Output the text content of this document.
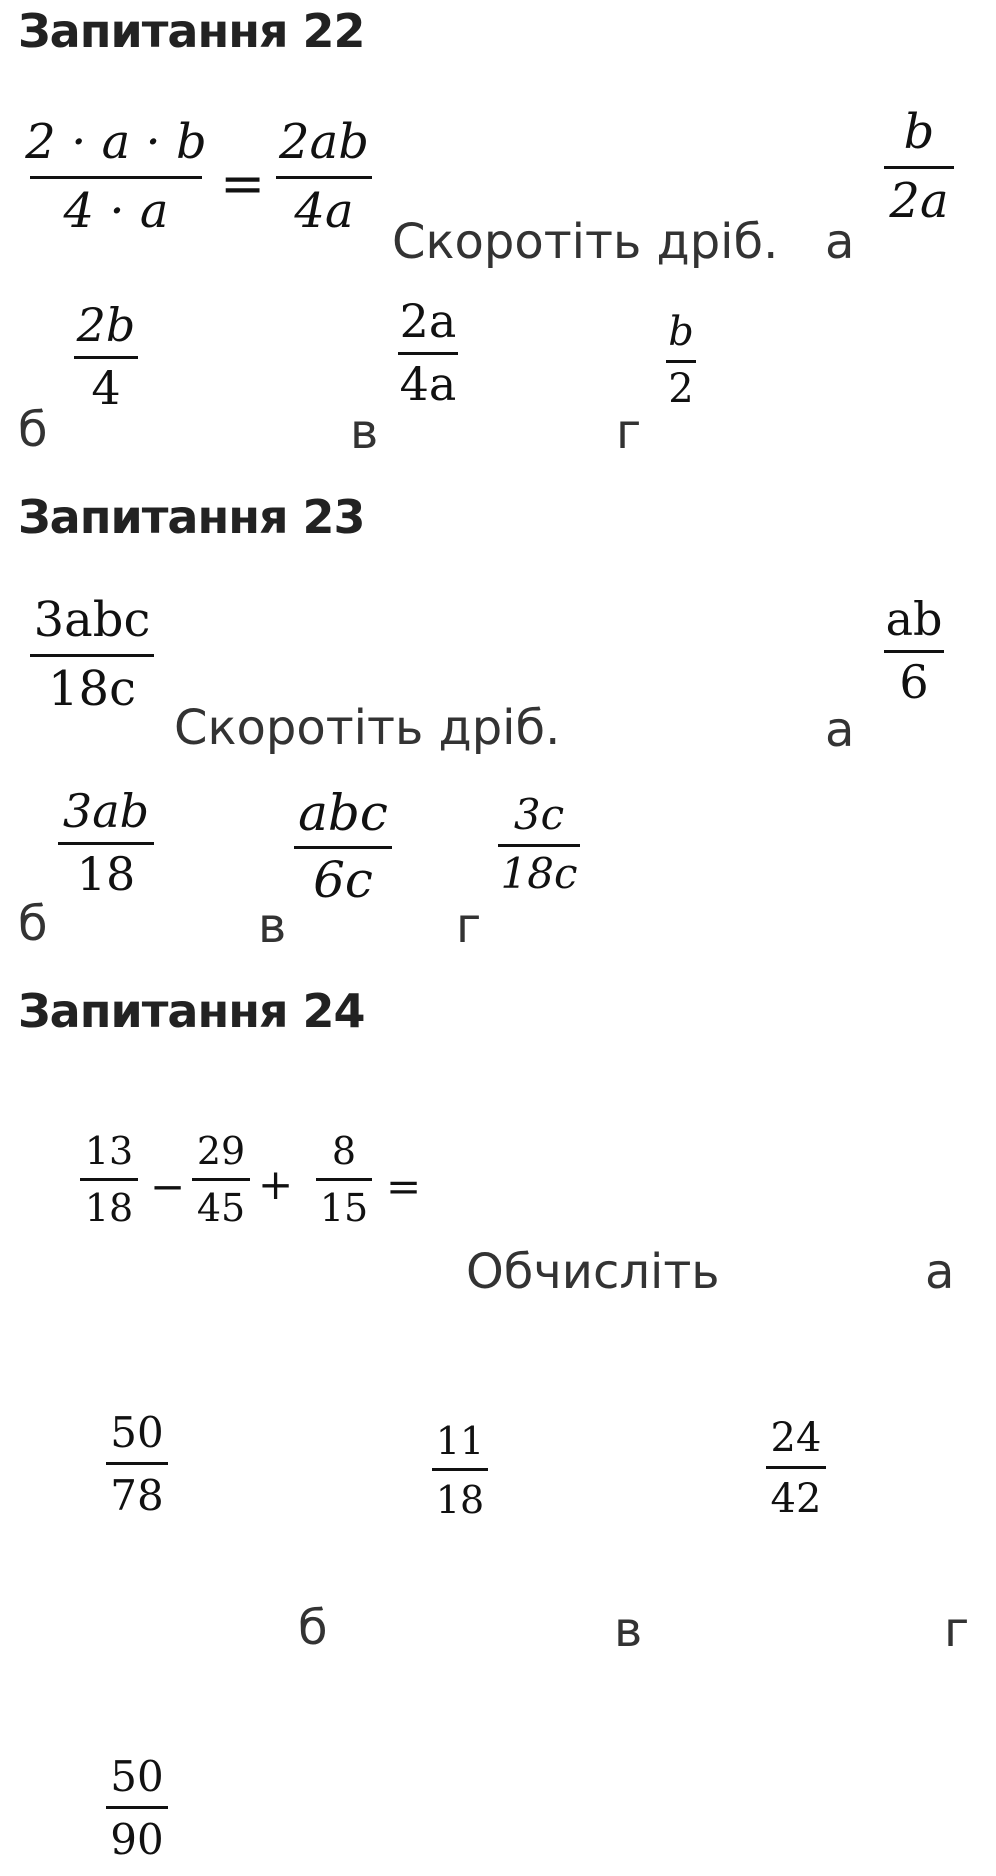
Запитання 22
2 · a · b
4 · a =
2ab
4a
Скоротіть дріб. а
b
2a
б
2b
4
в
2a
4a
г
b
2
Запитання 23
3abc
18c
Скоротіть дріб.	а
ab
6
б
3ab
18
в
abc
6c
г
3c
18c
Запитання 24
13
18 −
29
45 +
8
15 =
Обчисліть	а
50
78
11
18
24
42
б	в	г
50
90
